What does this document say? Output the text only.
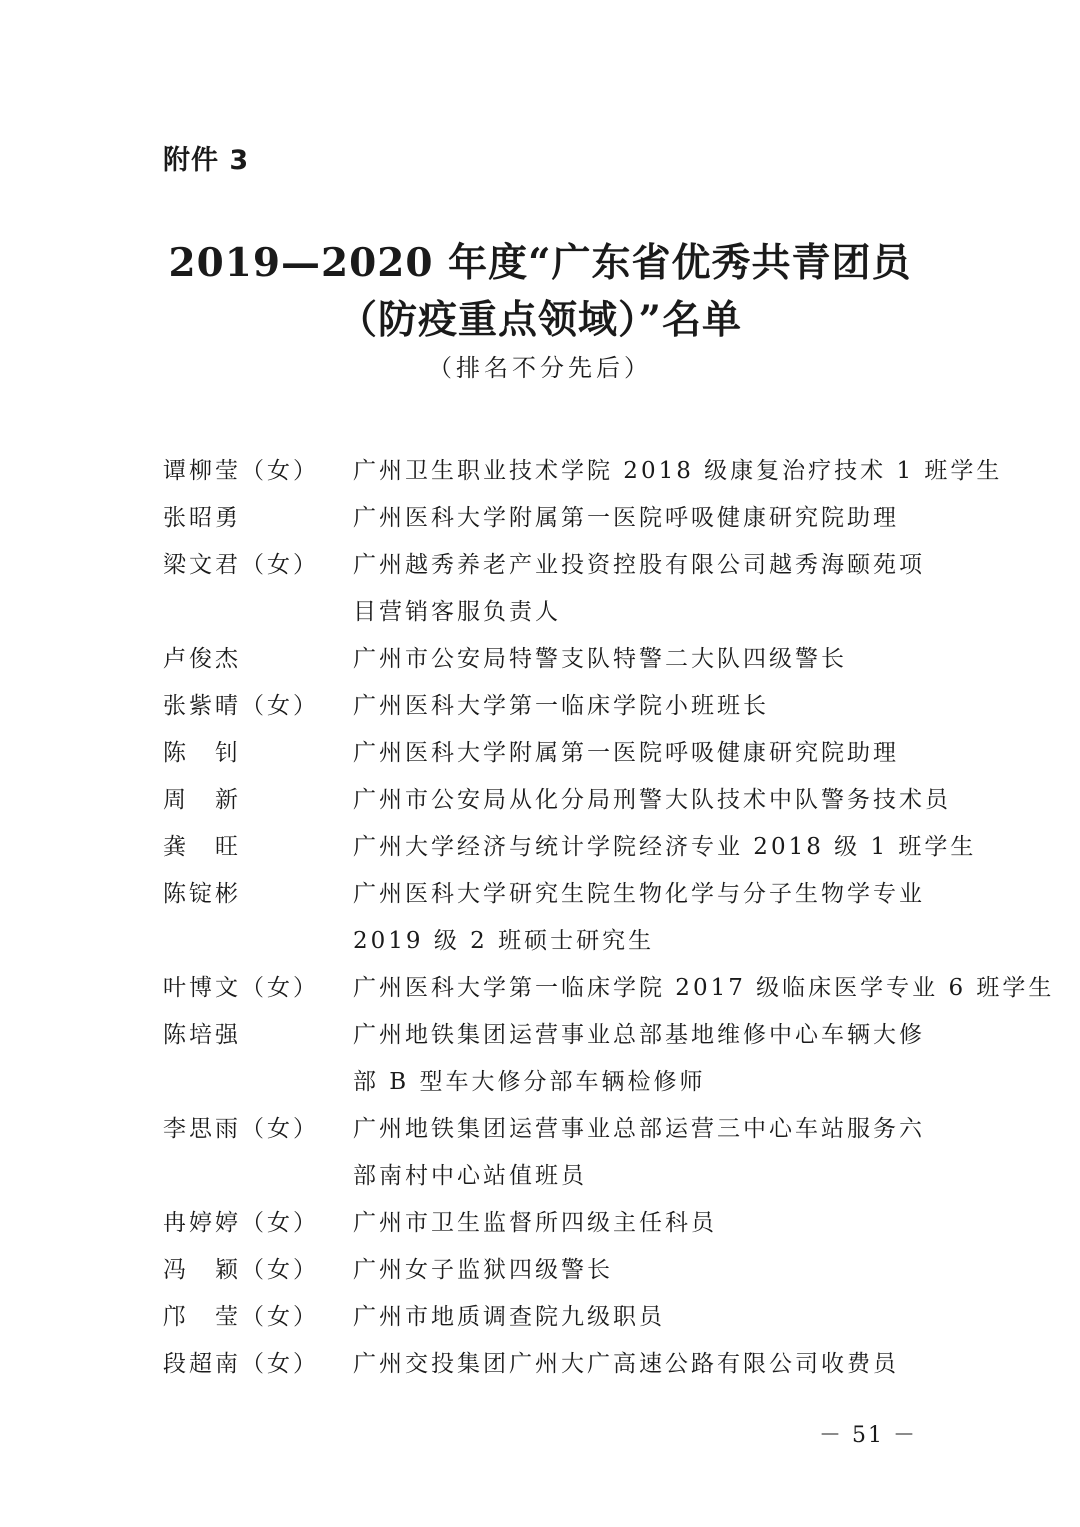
附件 3
2019—2020 年度“广东省优秀共青团员
（防疫重点领域）”名单
（排名不分先后）
谭柳莹（女）	广州卫生职业技术学院 2018 级康复治疗技术 1 班学生
张昭勇	广州医科大学附属第一医院呼吸健康研究院助理
梁文君（女）	广州越秀养老产业投资控股有限公司越秀海颐苑项
目营销客服负责人
卢俊杰	广州市公安局特警支队特警二大队四级警长
张紫晴（女）	广州医科大学第一临床学院小班班长
陈　钊	广州医科大学附属第一医院呼吸健康研究院助理
周　新	广州市公安局从化分局刑警大队技术中队警务技术员
龚　旺	广州大学经济与统计学院经济专业 2018 级 1 班学生
陈锭彬	广州医科大学研究生院生物化学与分子生物学专业
2019 级 2 班硕士研究生
叶博文（女）	广州医科大学第一临床学院 2017 级临床医学专业 6 班学生
陈培强	广州地铁集团运营事业总部基地维修中心车辆大修
部 B 型车大修分部车辆检修师
李思雨（女）	广州地铁集团运营事业总部运营三中心车站服务六
部南村中心站值班员
冉婷婷（女）	广州市卫生监督所四级主任科员
冯　颖（女）	广州女子监狱四级警长
邝　莹（女）	广州市地质调查院九级职员
段超南（女）	广州交投集团广州大广高速公路有限公司收费员
－ 51 －
